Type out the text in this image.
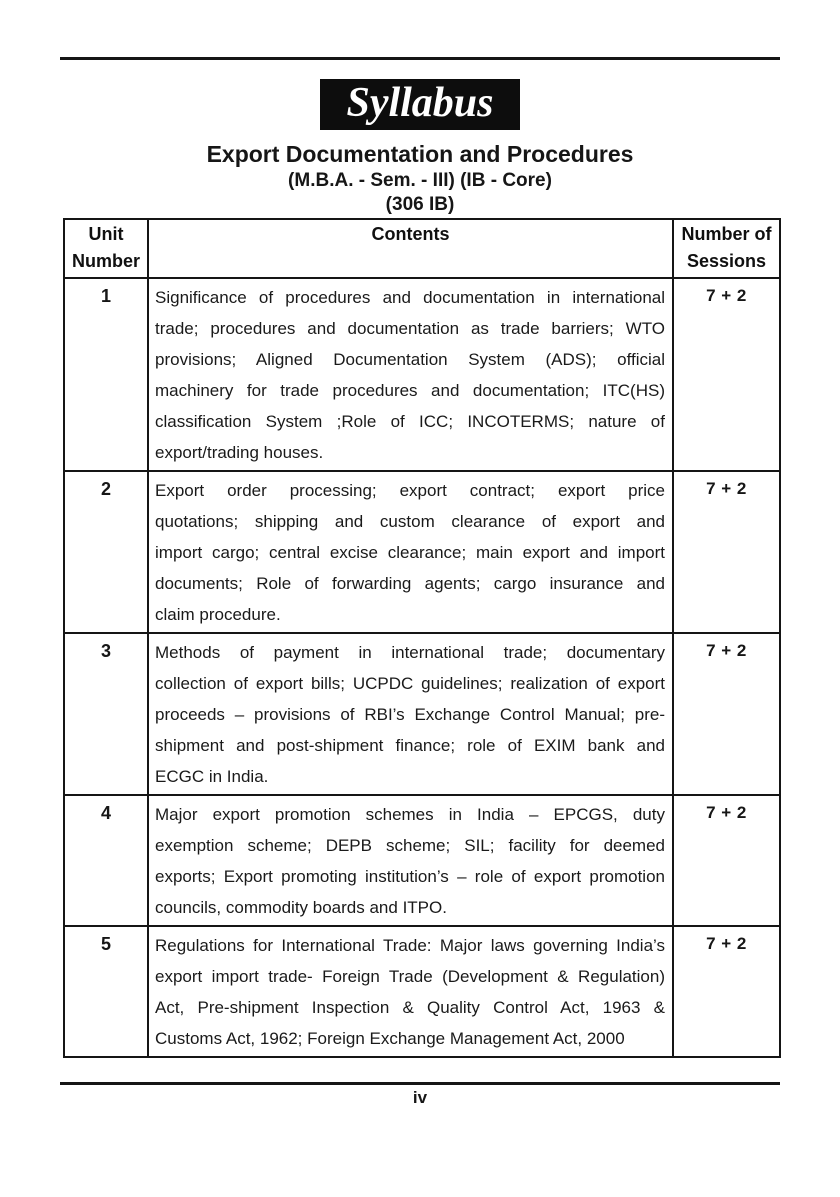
Syllabus
Export Documentation and Procedures
(M.B.A. - Sem. - III) (IB - Core)
(306 IB)
Unit Number	Contents	Number of Sessions
1	Significance of procedures and documentation in international
trade; procedures and documentation as trade barriers; WTO
provisions; Aligned Documentation System (ADS); official
machinery for trade procedures and documentation; ITC(HS)
classification System ;Role of ICC; INCOTERMS; nature of
export/trading houses.
	7 + 2
2	Export order processing; export contract; export price
quotations; shipping and custom clearance of export and
import cargo; central excise clearance; main export and import
documents; Role of forwarding agents; cargo insurance and
claim procedure.	7 + 2
3	Methods of payment in international trade; documentary
collection of export bills; UCPDC guidelines; realization of export
proceeds – provisions of RBI’s Exchange Control Manual; pre-
shipment and post-shipment finance; role of EXIM bank and
ECGC in India.	7 + 2
4	Major export promotion schemes in India – EPCGS, duty
exemption scheme; DEPB scheme; SIL; facility for deemed
exports; Export promoting institution’s – role of export promotion
councils, commodity boards and ITPO.	7 + 2
5	Regulations for International Trade: Major laws governing India’s
export import trade- Foreign Trade (Development & Regulation)
Act, Pre-shipment Inspection & Quality Control Act, 1963 &
Customs Act, 1962; Foreign Exchange Management Act, 2000	7 + 2
iv
